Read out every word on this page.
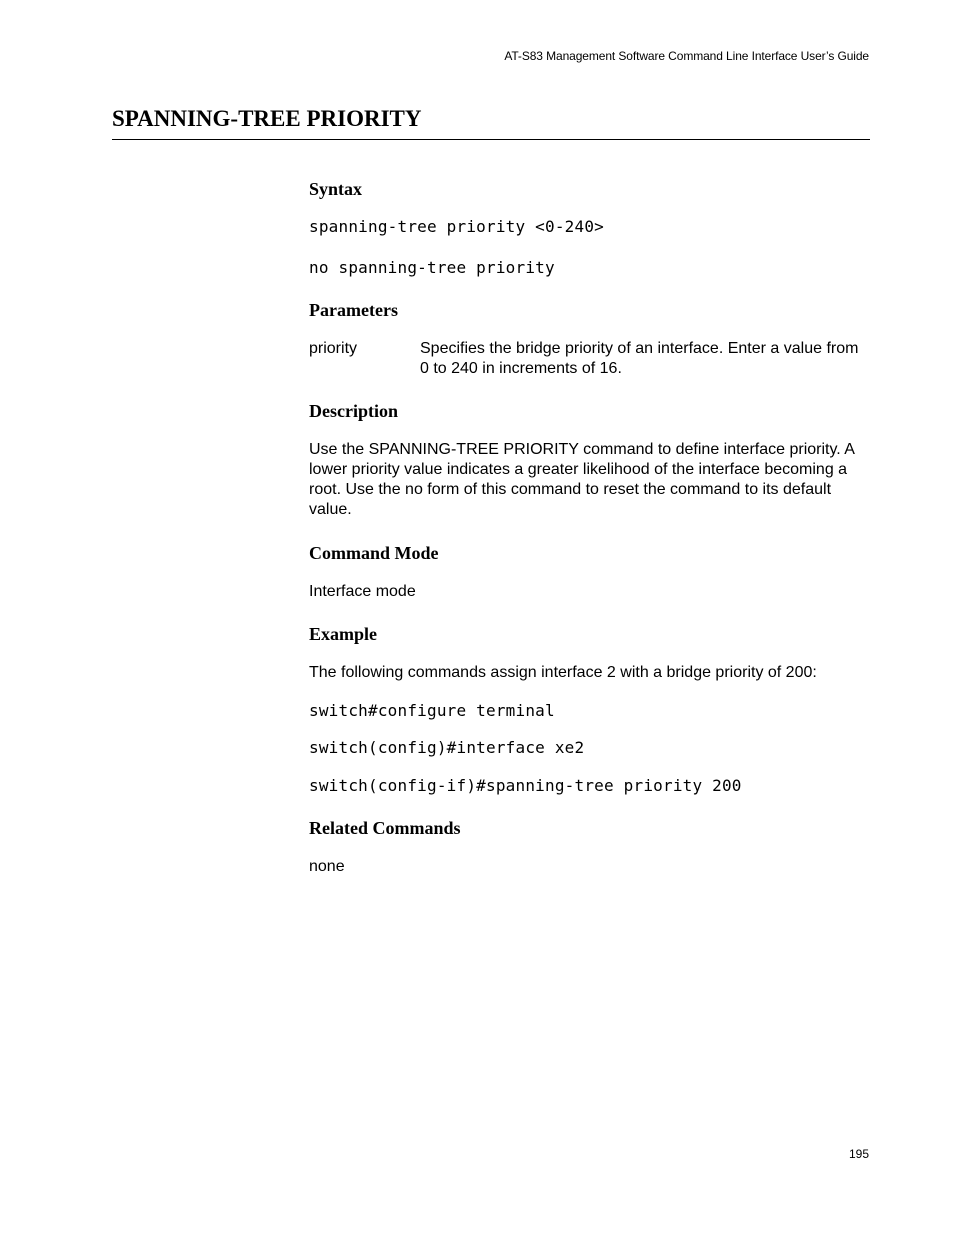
AT-S83 Management Software Command Line Interface User’s Guide
SPANNING-TREE PRIORITY
Syntax
spanning-tree priority <0-240>
no spanning-tree priority
Parameters
priority	Specifies the bridge priority of an interface. Enter a value from 0 to 240 in increments of 16.
Description
Use the SPANNING-TREE PRIORITY command to define interface priority. A lower priority value indicates a greater likelihood of the interface becoming a root. Use the no form of this command to reset the command to its default value.
Command Mode
Interface mode
Example
The following commands assign interface 2 with a bridge priority of 200:
switch#configure terminal
switch(config)#interface xe2
switch(config-if)#spanning-tree priority 200
Related Commands
none
195
